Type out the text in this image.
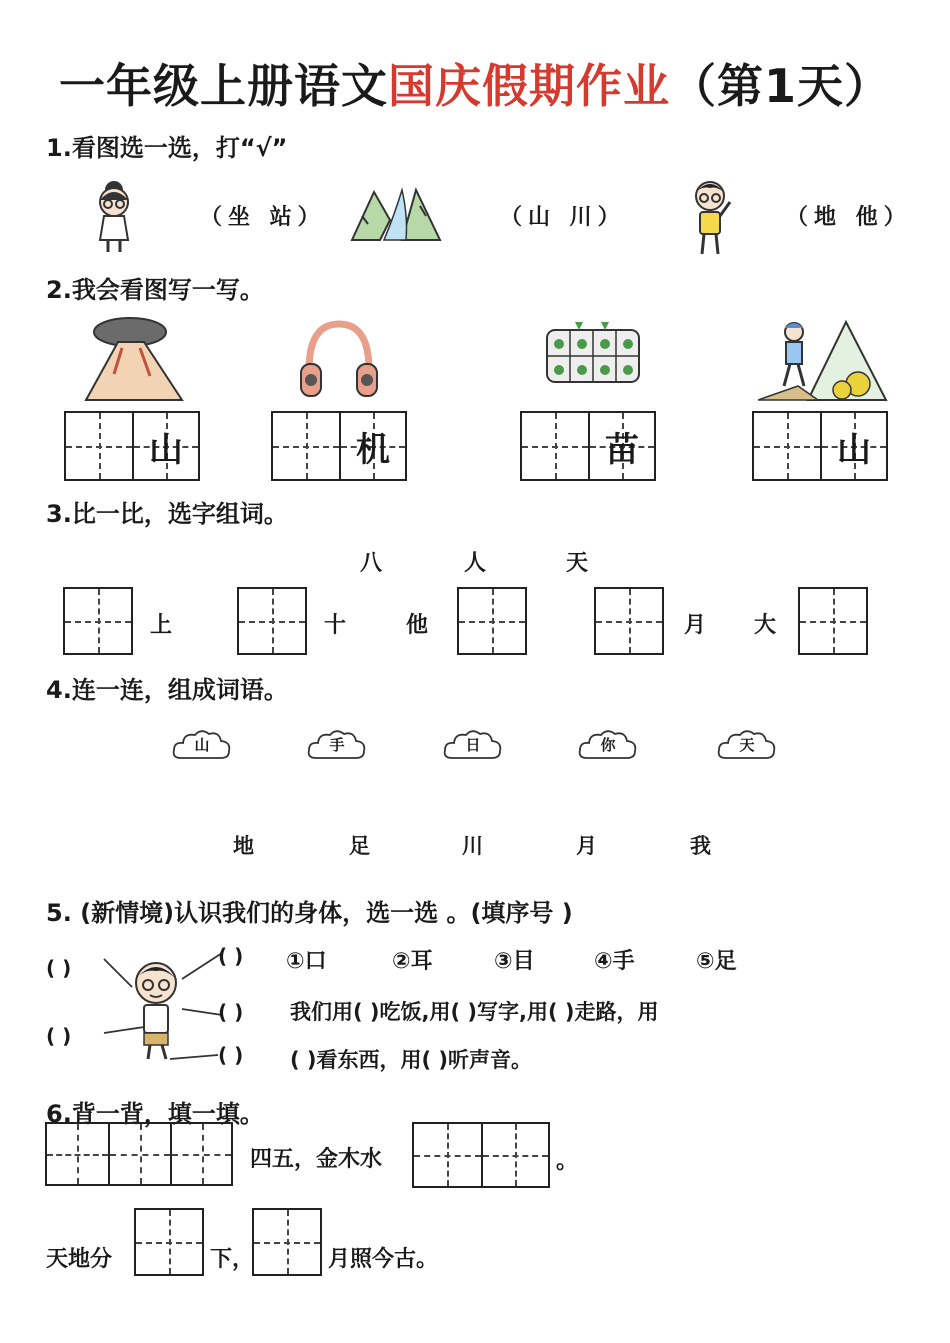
一年级上册语文国庆假期作业（第1天）
1.看图选一选，打“√”
（坐 站）	（山 川）	（地 他）
2.我会看图写一写。
山	机	苗	山
3.比一比，选字组词。
八	人	天
上	十	他	月 大
4.连一连，组成词语。
山	手	日	你	天
地	足	川	月	我
5. (新情境)认识我们的身体，选一选 。(填序号 )
( )
( )
( )
( )
( )
①口	②耳	③目	④手	⑤足
我们用( )吃饭,用( )写字,用( )走路，用
( )看东西，用( )听声音。
6.背一背，填一填。
四五，金木水	。
天地分	下，	月照今古。
